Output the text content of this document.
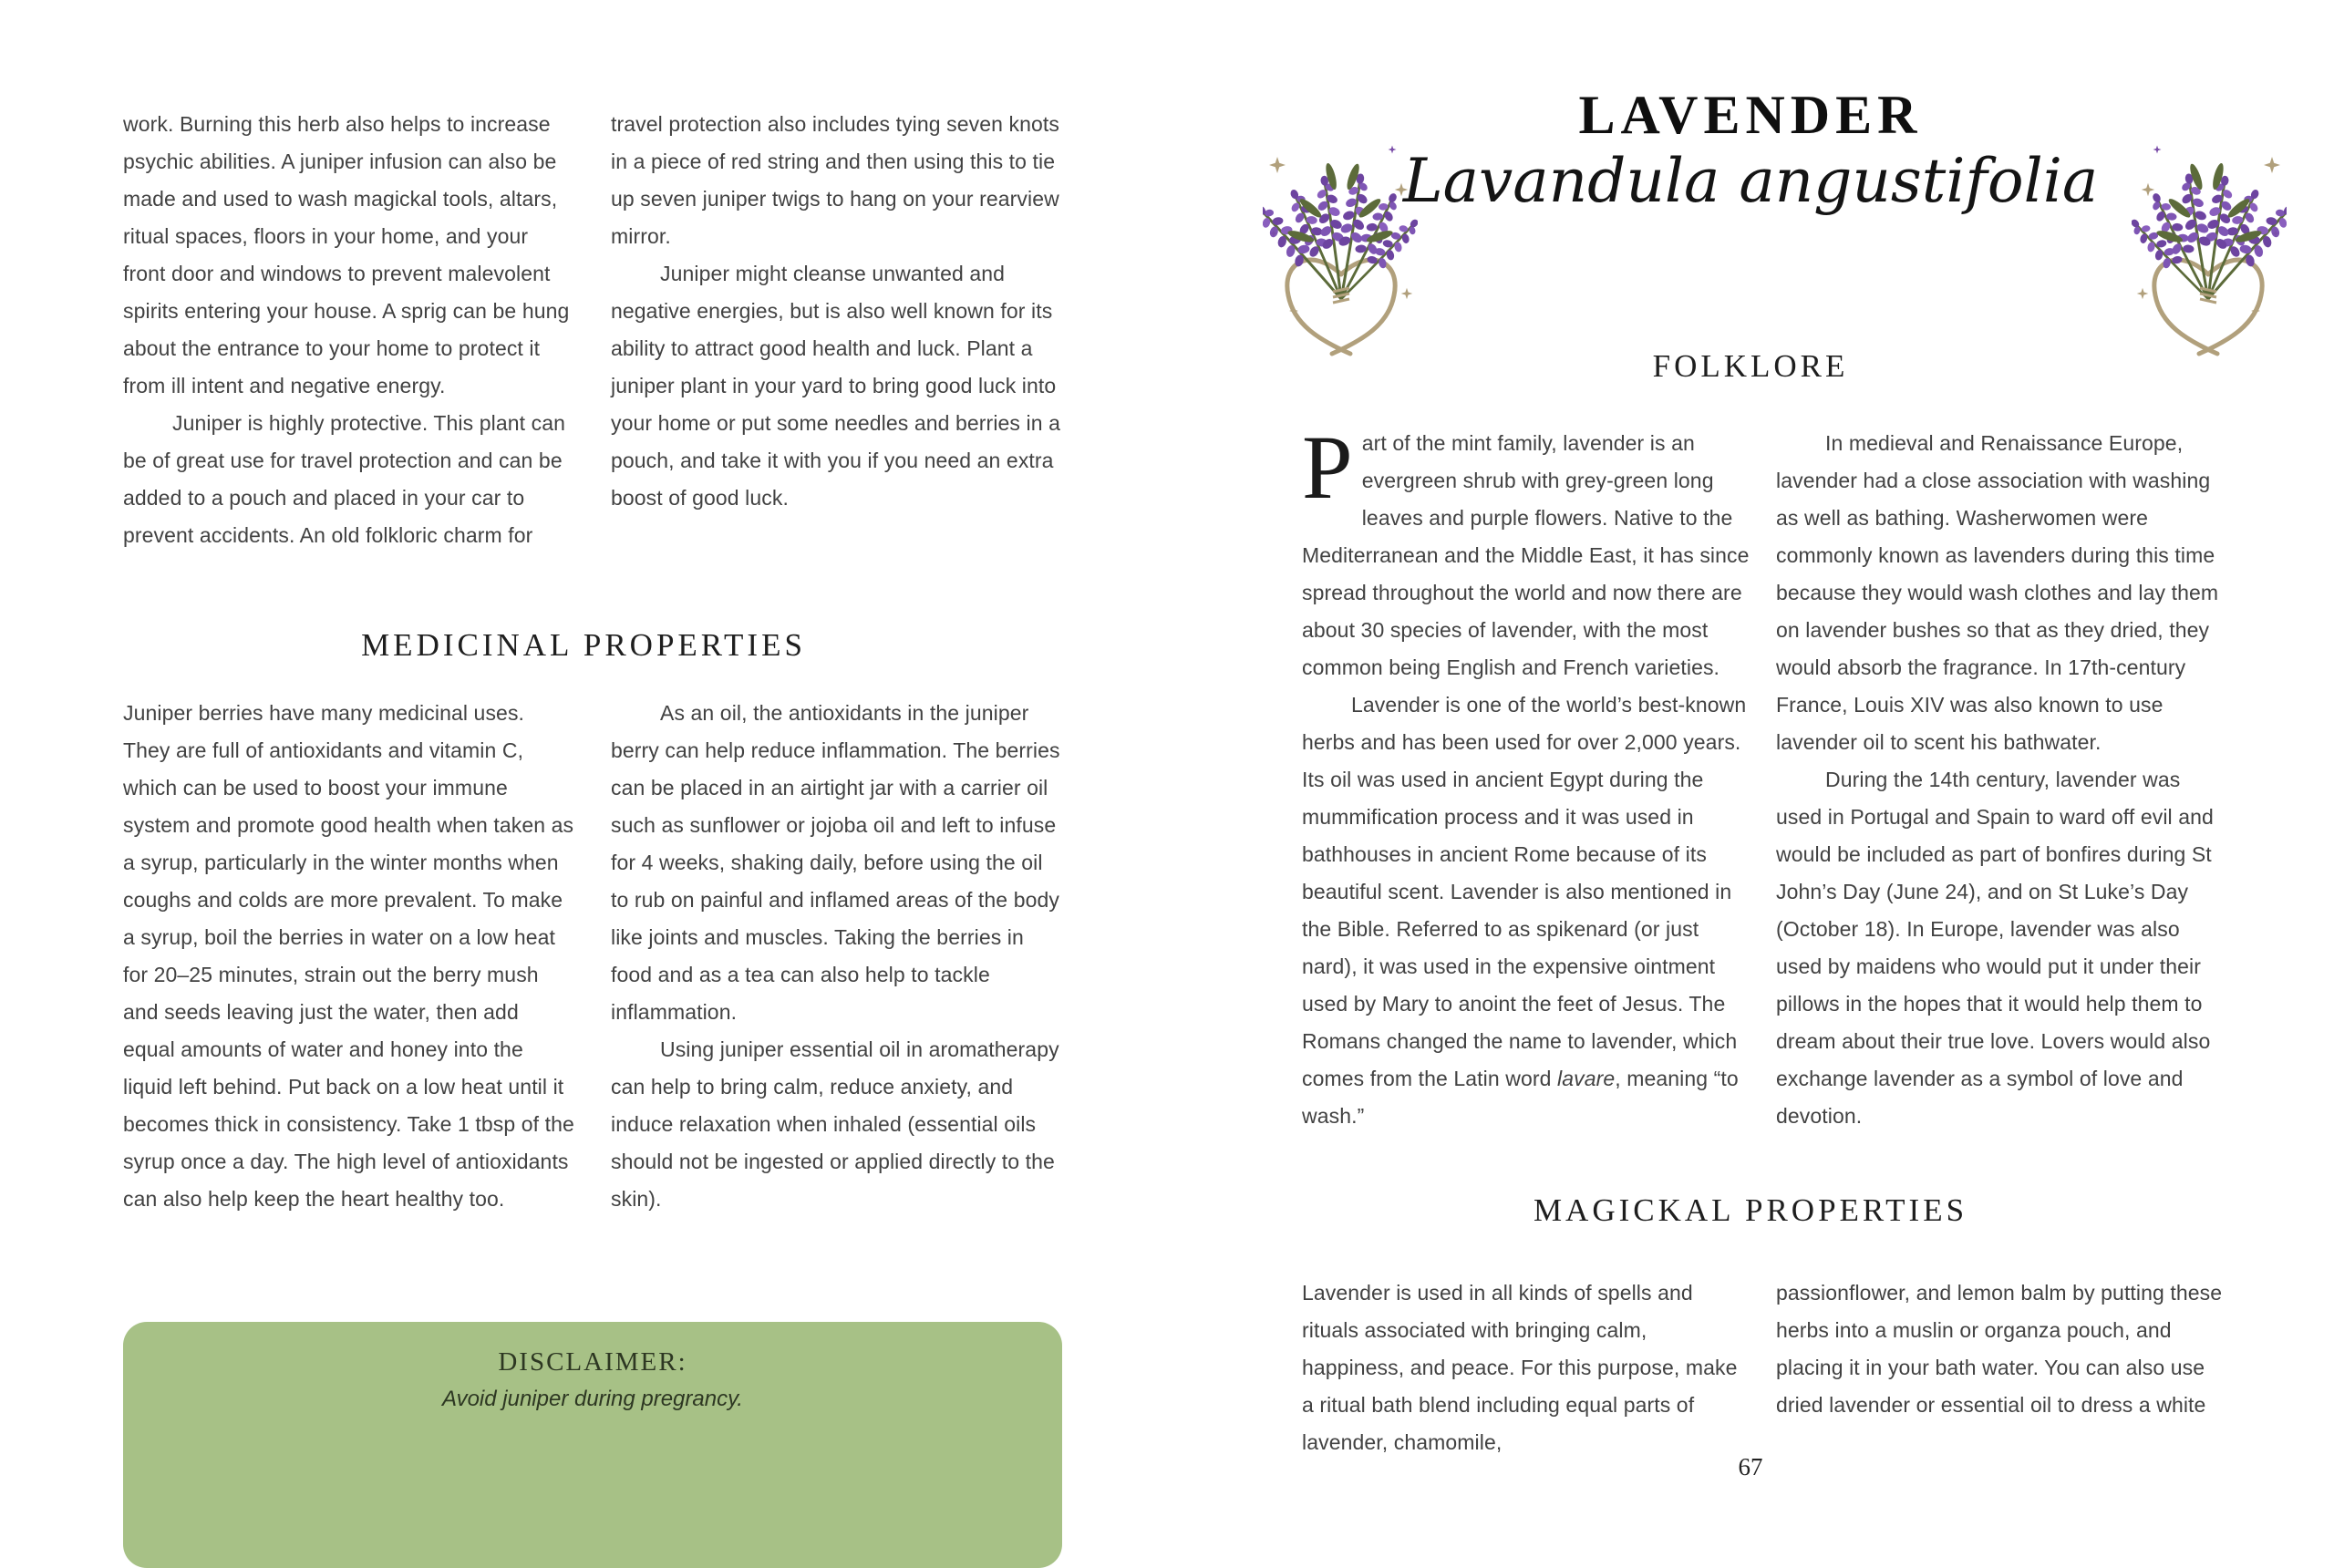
work. Burning this herb also helps to increase psychic abilities. A juniper infusion can also be made and used to wash magickal tools, altars, ritual spaces, floors in your home, and your front door and windows to prevent malevolent spirits entering your house. A sprig can be hung about the entrance to your home to protect it from ill intent and negative energy.

Juniper is highly protective. This plant can be of great use for travel protection and can be added to a pouch and placed in your car to prevent accidents. An old folkloric charm for

travel protection also includes tying seven knots in a piece of red string and then using this to tie up seven juniper twigs to hang on your rearview mirror.

Juniper might cleanse unwanted and negative energies, but is also well known for its ability to attract good health and luck. Plant a juniper plant in your yard to bring good luck into your home or put some needles and berries in a pouch, and take it with you if you need an extra boost of good luck.

MEDICINAL PROPERTIES

Juniper berries have many medicinal uses. They are full of antioxidants and vitamin C, which can be used to boost your immune system and promote good health when taken as a syrup, particularly in the winter months when coughs and colds are more prevalent. To make a syrup, boil the berries in water on a low heat for 20–25 minutes, strain out the berry mush and seeds leaving just the water, then add equal amounts of water and honey into the liquid left behind. Put back on a low heat until it becomes thick in consistency. Take 1 tbsp of the syrup once a day. The high level of antioxidants can also help keep the heart healthy too.

As an oil, the antioxidants in the juniper berry can help reduce inflammation. The berries can be placed in an airtight jar with a carrier oil such as sunflower or jojoba oil and left to infuse for 4 weeks, shaking daily, before using the oil to rub on painful and inflamed areas of the body like joints and muscles. Taking the berries in food and as a tea can also help to tackle inflammation.

Using juniper essential oil in aromatherapy can help to bring calm, reduce anxiety, and induce relaxation when inhaled (essential oils should not be ingested or applied directly to the skin).

DISCLAIMER:
Avoid juniper during pregrancy.
LAVENDER
Lavandula angustifolia
FOLKLORE

Part of the mint family, lavender is an evergreen shrub with grey-green long leaves and purple flowers. Native to the Mediterranean and the Middle East, it has since spread throughout the world and now there are about 30 species of lavender, with the most common being English and French varieties.

Lavender is one of the world’s best-known herbs and has been used for over 2,000 years. Its oil was used in ancient Egypt during the mummification process and it was used in bathhouses in ancient Rome because of its beautiful scent. Lavender is also mentioned in the Bible. Referred to as spikenard (or just nard), it was used in the expensive ointment used by Mary to anoint the feet of Jesus. The Romans changed the name to lavender, which comes from the Latin word lavare, meaning “to wash.”

In medieval and Renaissance Europe, lavender had a close association with washing as well as bathing. Washerwomen were commonly known as lavenders during this time because they would wash clothes and lay them on lavender bushes so that as they dried, they would absorb the fragrance. In 17th-century France, Louis XIV was also known to use lavender oil to scent his bathwater.

During the 14th century, lavender was used in Portugal and Spain to ward off evil and would be included as part of bonfires during St John’s Day (June 24), and on St Luke’s Day (October 18). In Europe, lavender was also used by maidens who would put it under their pillows in the hopes that it would help them to dream about their true love. Lovers would also exchange lavender as a symbol of love and devotion.

MAGICKAL PROPERTIES

Lavender is used in all kinds of spells and rituals associated with bringing calm, happiness, and peace. For this purpose, make a ritual bath blend including equal parts of lavender, chamomile,

passionflower, and lemon balm by putting these herbs into a muslin or organza pouch, and placing it in your bath water. You can also use dried lavender or essential oil to dress a white

67
